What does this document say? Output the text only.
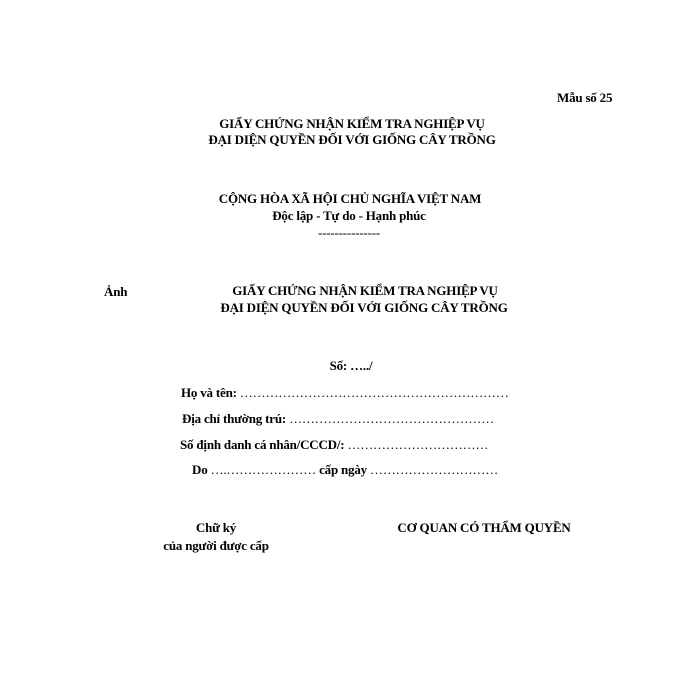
Mẫu số 25
GIẤY CHỨNG NHẬN KIỂM TRA NGHIỆP VỤ
ĐẠI DIỆN QUYỀN ĐỐI VỚI GIỐNG CÂY TRỒNG
CỘNG HÒA XÃ HỘI CHỦ NGHĨA VIỆT NAM
Độc lập - Tự do - Hạnh phúc
---------------
Ảnh	GIẤY CHỨNG NHẬN KIỂM TRA NGHIỆP VỤ
ĐẠI DIỆN QUYỀN ĐỐI VỚI GIỐNG CÂY TRỒNG
Số: …../
Họ và tên: ………………………………………………………
Địa chỉ thường trú: …………………………………………
Số định danh cá nhân/CCCD/: ……………………………
Do ….………………… cấp ngày …………………………
Chữ ký
của người được cấp
CƠ QUAN CÓ THẨM QUYỀN
